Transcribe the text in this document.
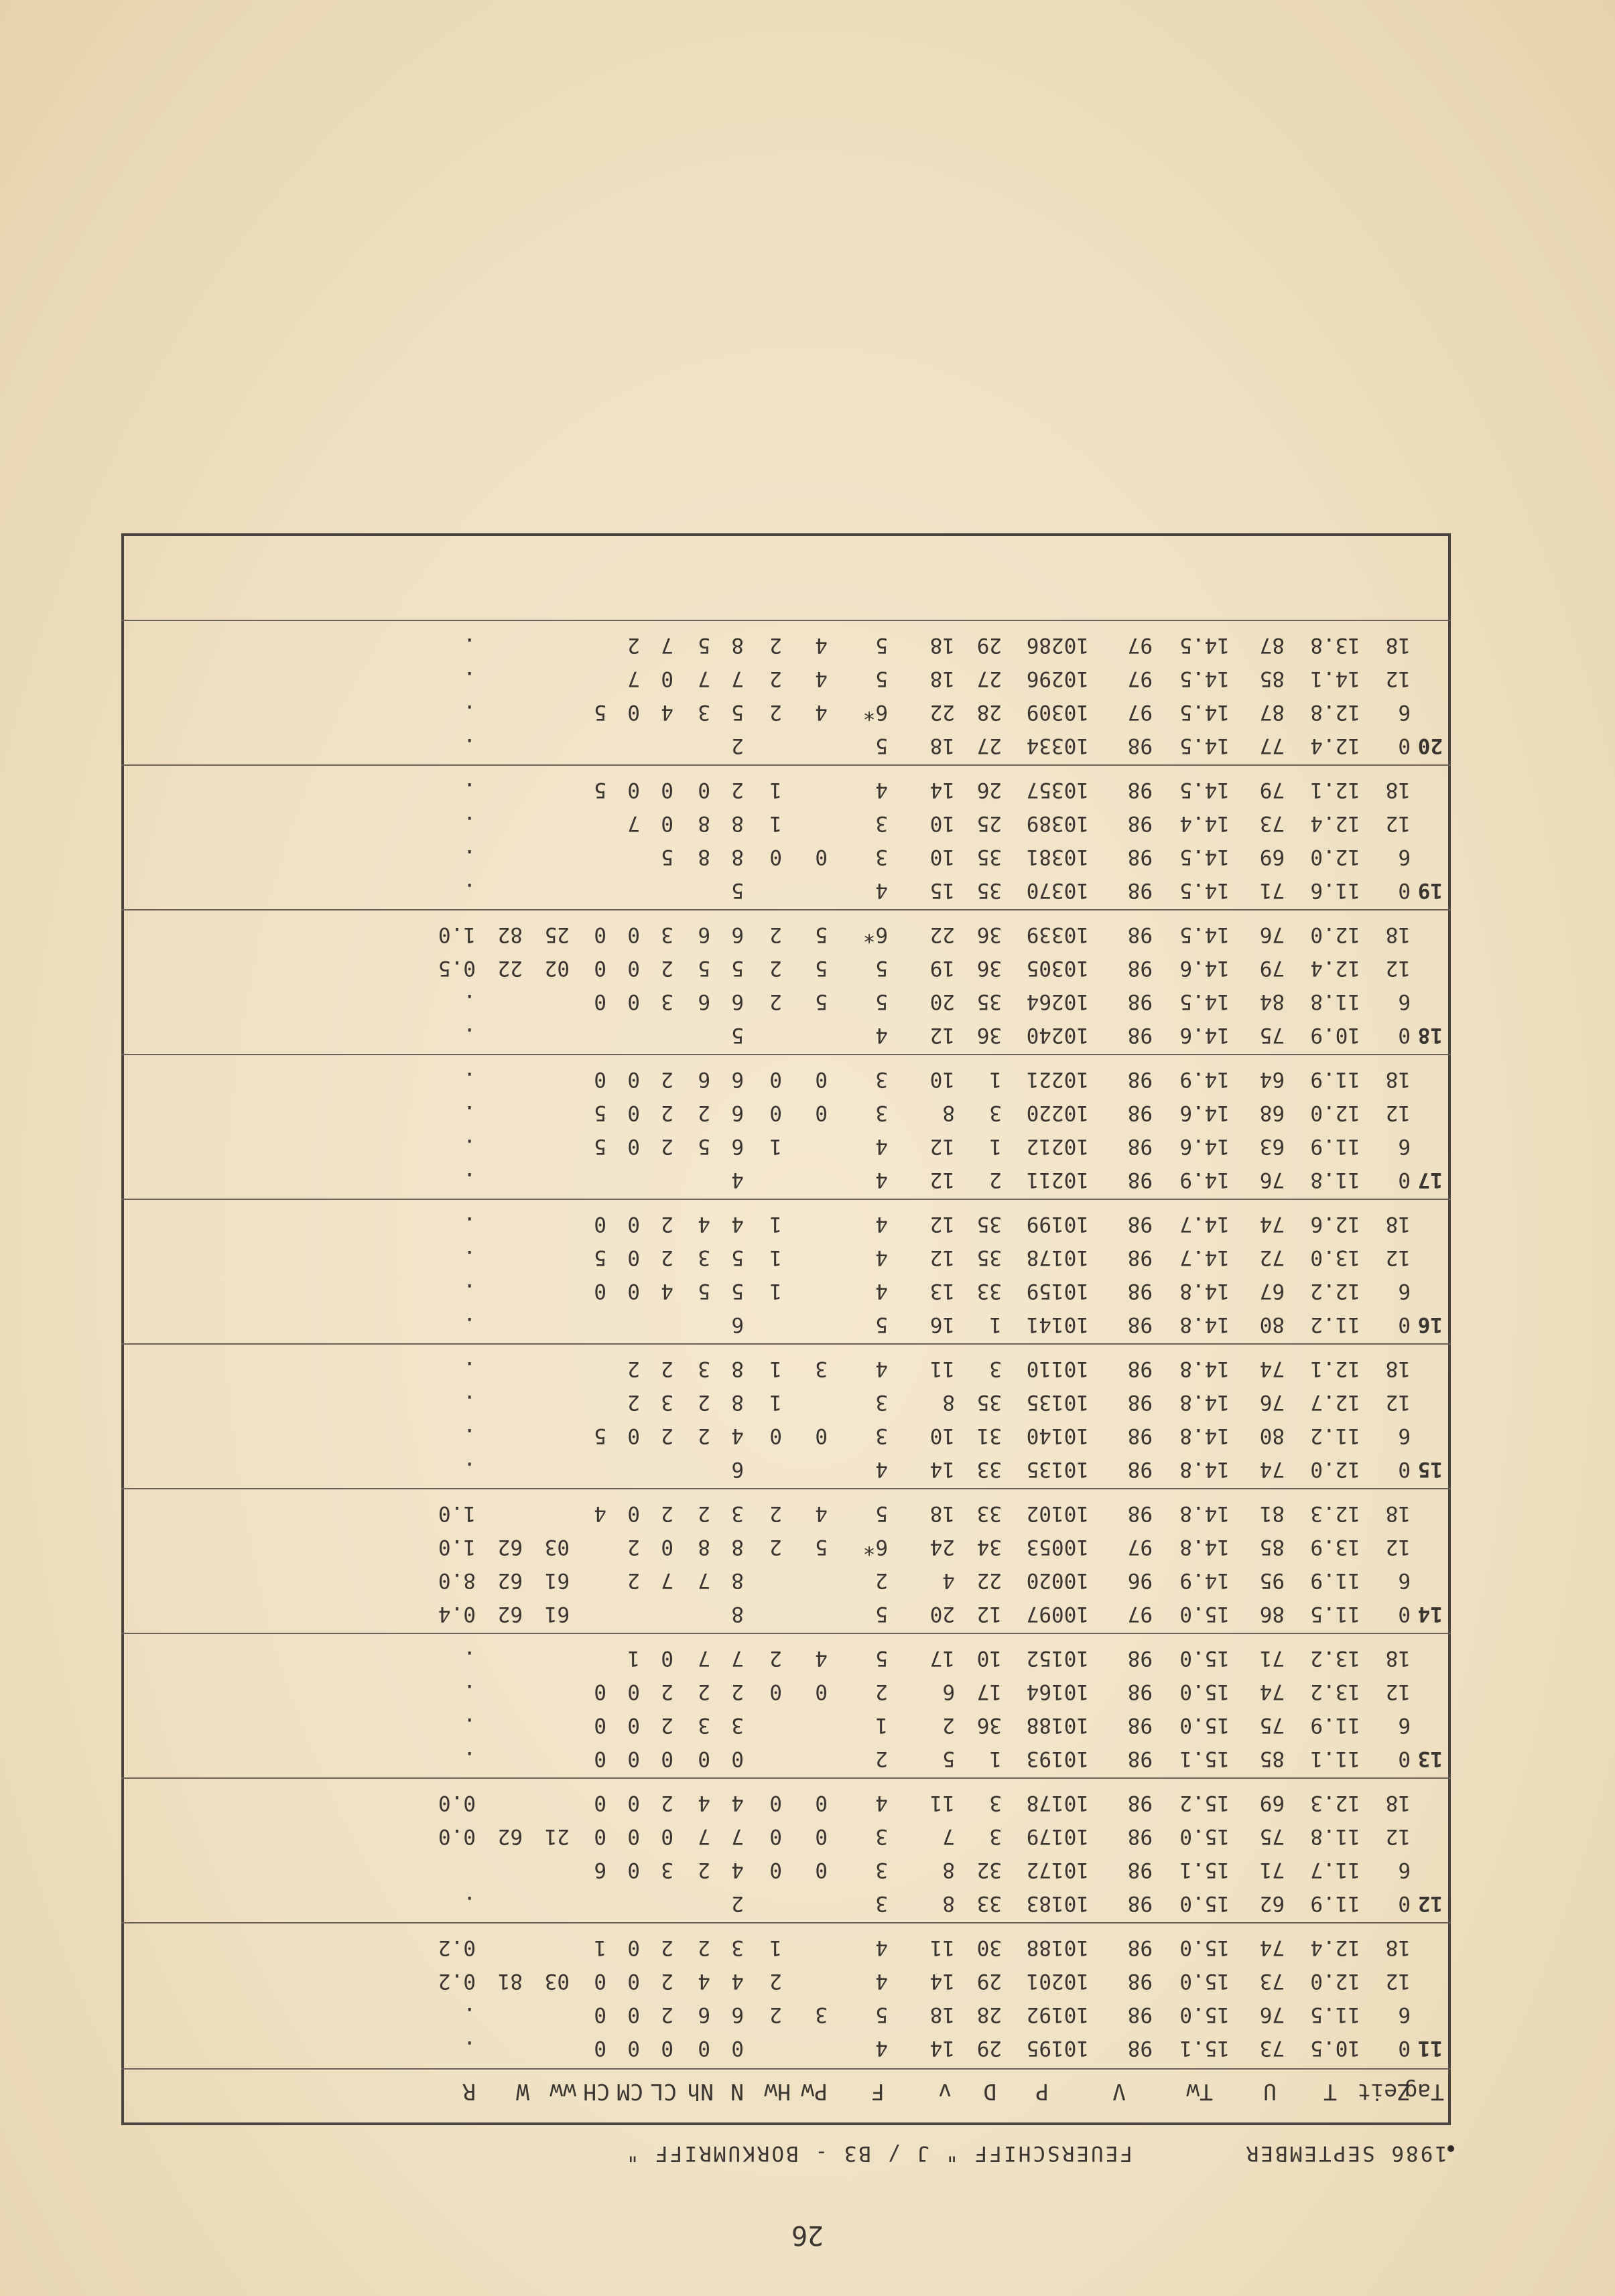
26
1986 SEPTEMBER
FEUERSCHIFF " J / B3 - BORKUMRIFF "
Tag
Zeit
T
U
Tw
V
P
D
v
F
Pw
Hw
N
Nh
CL
CM
CH
ww
W
R
11
0
10.5
73
15.1
98
10195
29
14
4
0
0
0
0
0
.
6
11.5
76
15.0
98
10192
28
18
5
3
2
6
6
2
0
0
.
12
12.0
73
15.0
98
10201
29
14
4
2
4
4
2
0
0
03
81
0.2
18
12.4
74
15.0
98
10188
30
11
4
1
3
2
2
0
1
0.2
12
0
11.9
62
15.0
98
10183
33
8
3
2
.
6
11.7
71
15.1
98
10172
32
8
3
0
0
4
2
3
0
6
12
11.8
75
15.0
98
10179
3
7
3
0
0
7
7
0
0
0
21
62
0.0
18
12.3
69
15.2
98
10178
3
11
4
0
0
4
4
2
0
0
0.0
13
0
11.1
85
15.1
98
10193
1
5
2
0
0
0
0
0
.
6
11.9
75
15.0
98
10188
36
2
1
3
3
2
0
0
.
12
13.2
74
15.0
98
10164
17
6
2
0
0
2
2
2
0
0
.
18
13.2
71
15.0
98
10152
10
17
5
4
2
7
7
0
1
.
14
0
11.5
86
15.0
97
10097
12
20
5
8
61
62
0.4
6
11.9
95
14.9
96
10020
22
4
2
8
7
7
2
61
62
8.0
12
13.9
85
14.8
97
10053
34
24
6*
5
2
8
8
0
2
03
62
1.0
18
12.3
81
14.8
98
10102
33
18
5
4
2
3
2
2
0
4
1.0
15
0
12.0
74
14.8
98
10135
33
14
4
6
.
6
11.2
80
14.8
98
10140
31
10
3
0
0
4
2
2
0
5
.
12
12.7
76
14.8
98
10135
35
8
3
1
8
2
3
2
.
18
12.1
74
14.8
98
10110
3
11
4
3
1
8
3
2
2
.
16
0
11.2
80
14.8
98
10141
1
16
5
6
.
6
12.2
67
14.8
98
10159
33
13
4
1
5
5
4
0
0
.
12
13.0
72
14.7
98
10178
35
12
4
1
5
3
2
0
5
.
18
12.6
74
14.7
98
10199
35
12
4
1
4
4
2
0
0
.
17
0
11.8
76
14.9
98
10211
2
12
4
4
.
6
11.9
63
14.6
98
10212
1
12
4
1
6
5
2
0
5
.
12
12.0
68
14.6
98
10220
3
8
3
0
0
6
2
2
0
5
.
18
11.9
64
14.9
98
10221
1
10
3
0
0
6
6
2
0
0
.
18
0
10.9
75
14.6
98
10240
36
12
4
5
.
6
11.8
84
14.5
98
10264
35
20
5
5
2
6
6
3
0
0
.
12
12.4
79
14.6
98
10305
36
19
5
5
2
5
5
2
0
0
02
22
0.5
18
12.0
76
14.5
98
10339
36
22
6*
5
2
6
6
3
0
0
25
82
1.0
19
0
11.6
71
14.5
98
10370
35
15
4
5
.
6
12.0
69
14.5
98
10381
35
10
3
0
0
8
8
5
.
12
12.4
73
14.4
98
10389
25
10
3
1
8
8
0
7
.
18
12.1
79
14.5
98
10357
26
14
4
1
2
0
0
0
5
.
20
0
12.4
77
14.5
98
10334
27
18
5
2
.
6
12.8
87
14.5
97
10309
28
22
6*
4
2
5
3
4
0
5
.
12
14.1
85
14.5
97
10296
27
18
5
4
2
7
7
0
7
.
18
13.8
87
14.5
97
10286
29
18
5
4
2
8
5
7
2
.
